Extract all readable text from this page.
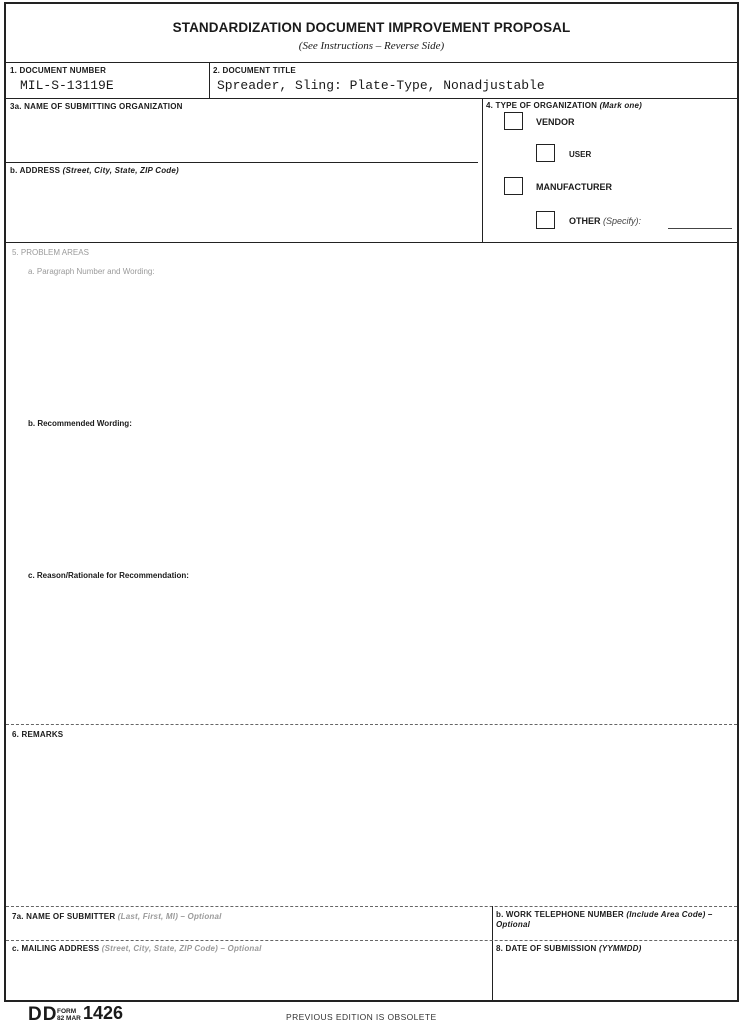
STANDARDIZATION DOCUMENT IMPROVEMENT PROPOSAL
(See Instructions – Reverse Side)
1. DOCUMENT NUMBER
MIL-S-13119E
2. DOCUMENT TITLE
Spreader, Sling: Plate-Type, Nonadjustable
3a. NAME OF SUBMITTING ORGANIZATION	4. TYPE OF ORGANIZATION (Mark one)
VENDOR
USER
MANUFACTURER
OTHER (Specify):
b. ADDRESS (Street, City, State, ZIP Code)
5. PROBLEM AREAS
a. Paragraph Number and Wording:
b. Recommended Wording:
c. Reason/Rationale for Recommendation:
6. REMARKS
7a. NAME OF SUBMITTER (Last, First, MI) – Optional	b. WORK TELEPHONE NUMBER (Include Area Code) – Optional
c. MAILING ADDRESS (Street, City, State, ZIP Code) – Optional	8. DATE OF SUBMISSION (YYMMDD)
DD FORM
82 MAR 1426	PREVIOUS EDITION IS OBSOLETE
